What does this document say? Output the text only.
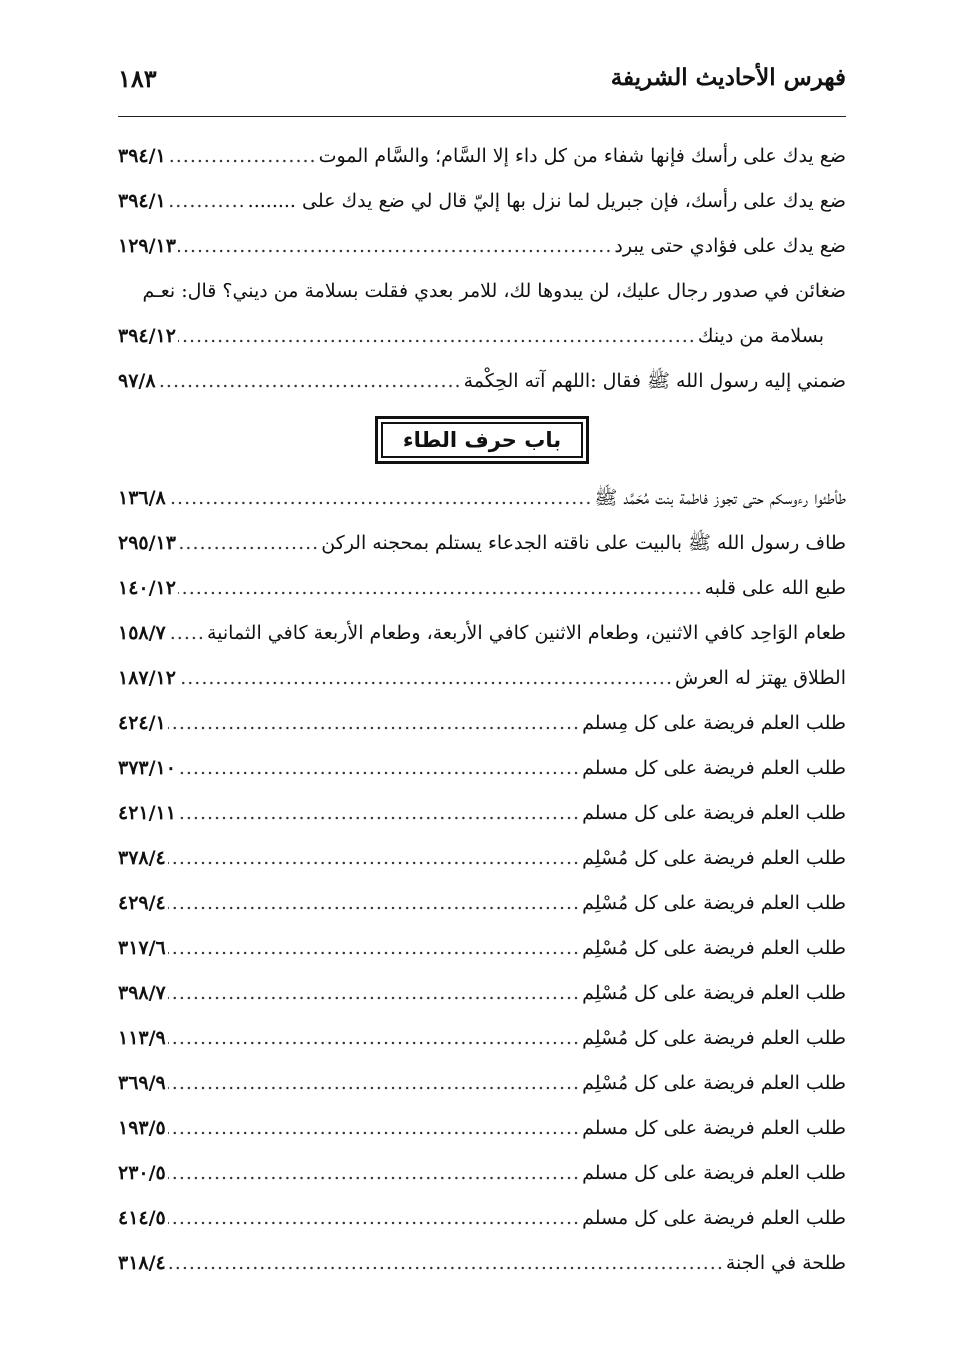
فهرس الأحاديث الشريفة
١٨٣
ضع يدك على رأسك فإنها شفاء من كل داء إلا السَّام؛ والسَّام الموت
.....
٣٩٤/١
ضع يدك على رأسك، فإن جبريل لما نزل بها إليّ قال لي ضع يدك على ........
.....
٣٩٤/١
ضع يدك على فؤادي حتى يبرد
.....
١٢٩/١٣
ضغائن في صدور رجال عليك، لن يبدوها لك، للامر بعدي فقلت بسلامة من ديني؟ قال: نعـم
بسلامة من دينك
.....
٣٩٤/١٢
ضمني إليه رسول الله ﷺ فقال :اللهم آته الحِكْمة
.....
٩٧/٨
باب حرف الطاء
طأطئوا رءوسكم حتى تجوز فاطمة بنت مُحَمَّد ﷺ
.....
١٣٦/٨
طاف رسول الله ﷺ بالبيت على ناقته الجدعاء يستلم بمحجنه الركن
.....
٢٩٥/١٣
طبع الله على قلبه
.....
١٤٠/١٢
طعام الوَاحِد كافي الاثنين، وطعام الاثنين كافي الأربعة، وطعام الأربعة كافي الثمانية
.....
١٥٨/٧
الطلاق يهتز له العرش
.....
١٨٧/١٢
طلب العلم فريضة على كل مِسلم
.....
٤٢٤/١
طلب العلم فريضة على كل مسلم
.....
٣٧٣/١٠
طلب العلم فريضة على كل مسلم
.....
٤٢١/١١
طلب العلم فريضة على كل مُسْلِم
.....
٣٧٨/٤
طلب العلم فريضة على كل مُسْلِم
.....
٤٢٩/٤
طلب العلم فريضة على كل مُسْلِم
.....
٣١٧/٦
طلب العلم فريضة على كل مُسْلِم
.....
٣٩٨/٧
طلب العلم فريضة على كل مُسْلِم
.....
١١٣/٩
طلب العلم فريضة على كل مُسْلِم
.....
٣٦٩/٩
طلب العلم فريضة على كل مسلم
.....
١٩٣/٥
طلب العلم فريضة على كل مسلم
.....
٢٣٠/٥
طلب العلم فريضة على كل مسلم
.....
٤١٤/٥
طلحة في الجنة
.....
٣١٨/٤
